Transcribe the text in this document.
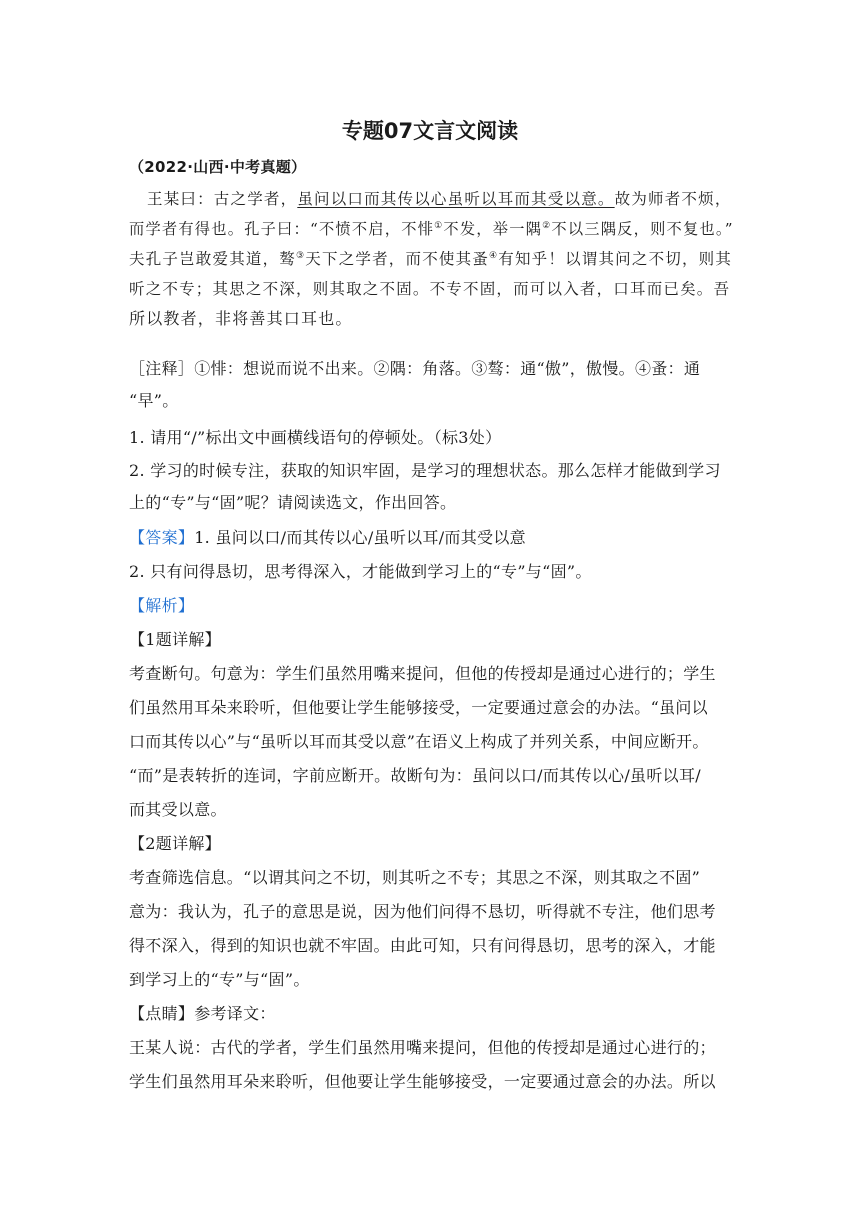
专题07文言文阅读
（2022·山西·中考真题）
王某曰：古之学者，虽问以口而其传以心虽听以耳而其受以意。故为师者不烦，
而学者有得也。孔子曰：“不愤不启，不悱①不发，举一隅②不以三隅反，则不复也。”
夫孔子岂敢爱其道，骜③天下之学者，而不使其蚤④有知乎！以谓其问之不切，则其
听之不专；其思之不深，则其取之不固。不专不固，而可以入者，口耳而已矣。吾
所以教者，非将善其口耳也。
［注释］①悱：想说而说不出来。②隅：角落。③骜：通“傲”，傲慢。④蚤：通
“早”。
1. 请用“/”标出文中画横线语句的停顿处。（标3处）
2. 学习的时候专注，获取的知识牢固，是学习的理想状态。那么怎样才能做到学习
上的“专”与“固”呢？请阅读选文，作出回答。
【答案】1. 虽问以口/而其传以心/虽听以耳/而其受以意
2. 只有问得恳切，思考得深入，才能做到学习上的“专”与“固”。
【解析】
【1题详解】
考查断句。句意为：学生们虽然用嘴来提问，但他的传授却是通过心进行的；学生
们虽然用耳朵来聆听，但他要让学生能够接受，一定要通过意会的办法。“虽问以
口而其传以心”与“虽听以耳而其受以意”在语义上构成了并列关系，中间应断开。
“而”是表转折的连词，字前应断开。故断句为：虽问以口/而其传以心/虽听以耳/
而其受以意。
【2题详解】
考查筛选信息。“以谓其问之不切，则其听之不专；其思之不深，则其取之不固”
意为：我认为，孔子的意思是说，因为他们问得不恳切，听得就不专注，他们思考
得不深入，得到的知识也就不牢固。由此可知，只有问得恳切，思考的深入，才能
到学习上的“专”与“固”。
【点睛】参考译文：
王某人说：古代的学者，学生们虽然用嘴来提问，但他的传授却是通过心进行的；
学生们虽然用耳朵来聆听，但他要让学生能够接受，一定要通过意会的办法。所以
